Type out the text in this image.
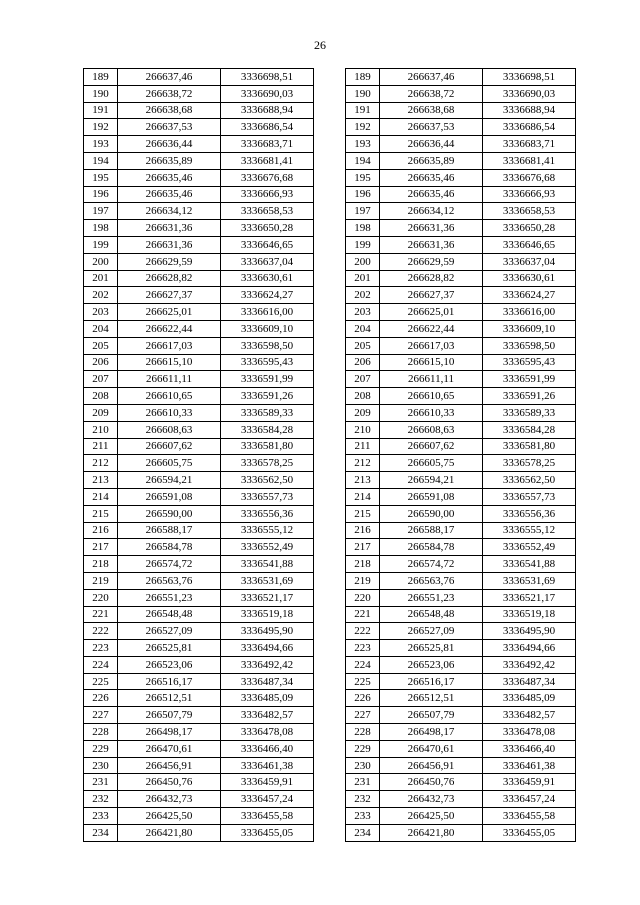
26
189	266637,46	3336698,51
190	266638,72	3336690,03
191	266638,68	3336688,94
192	266637,53	3336686,54
193	266636,44	3336683,71
194	266635,89	3336681,41
195	266635,46	3336676,68
196	266635,46	3336666,93
197	266634,12	3336658,53
198	266631,36	3336650,28
199	266631,36	3336646,65
200	266629,59	3336637,04
201	266628,82	3336630,61
202	266627,37	3336624,27
203	266625,01	3336616,00
204	266622,44	3336609,10
205	266617,03	3336598,50
206	266615,10	3336595,43
207	266611,11	3336591,99
208	266610,65	3336591,26
209	266610,33	3336589,33
210	266608,63	3336584,28
211	266607,62	3336581,80
212	266605,75	3336578,25
213	266594,21	3336562,50
214	266591,08	3336557,73
215	266590,00	3336556,36
216	266588,17	3336555,12
217	266584,78	3336552,49
218	266574,72	3336541,88
219	266563,76	3336531,69
220	266551,23	3336521,17
221	266548,48	3336519,18
222	266527,09	3336495,90
223	266525,81	3336494,66
224	266523,06	3336492,42
225	266516,17	3336487,34
226	266512,51	3336485,09
227	266507,79	3336482,57
228	266498,17	3336478,08
229	266470,61	3336466,40
230	266456,91	3336461,38
231	266450,76	3336459,91
232	266432,73	3336457,24
233	266425,50	3336455,58
234	266421,80	3336455,05
189	266637,46	3336698,51
190	266638,72	3336690,03
191	266638,68	3336688,94
192	266637,53	3336686,54
193	266636,44	3336683,71
194	266635,89	3336681,41
195	266635,46	3336676,68
196	266635,46	3336666,93
197	266634,12	3336658,53
198	266631,36	3336650,28
199	266631,36	3336646,65
200	266629,59	3336637,04
201	266628,82	3336630,61
202	266627,37	3336624,27
203	266625,01	3336616,00
204	266622,44	3336609,10
205	266617,03	3336598,50
206	266615,10	3336595,43
207	266611,11	3336591,99
208	266610,65	3336591,26
209	266610,33	3336589,33
210	266608,63	3336584,28
211	266607,62	3336581,80
212	266605,75	3336578,25
213	266594,21	3336562,50
214	266591,08	3336557,73
215	266590,00	3336556,36
216	266588,17	3336555,12
217	266584,78	3336552,49
218	266574,72	3336541,88
219	266563,76	3336531,69
220	266551,23	3336521,17
221	266548,48	3336519,18
222	266527,09	3336495,90
223	266525,81	3336494,66
224	266523,06	3336492,42
225	266516,17	3336487,34
226	266512,51	3336485,09
227	266507,79	3336482,57
228	266498,17	3336478,08
229	266470,61	3336466,40
230	266456,91	3336461,38
231	266450,76	3336459,91
232	266432,73	3336457,24
233	266425,50	3336455,58
234	266421,80	3336455,05
